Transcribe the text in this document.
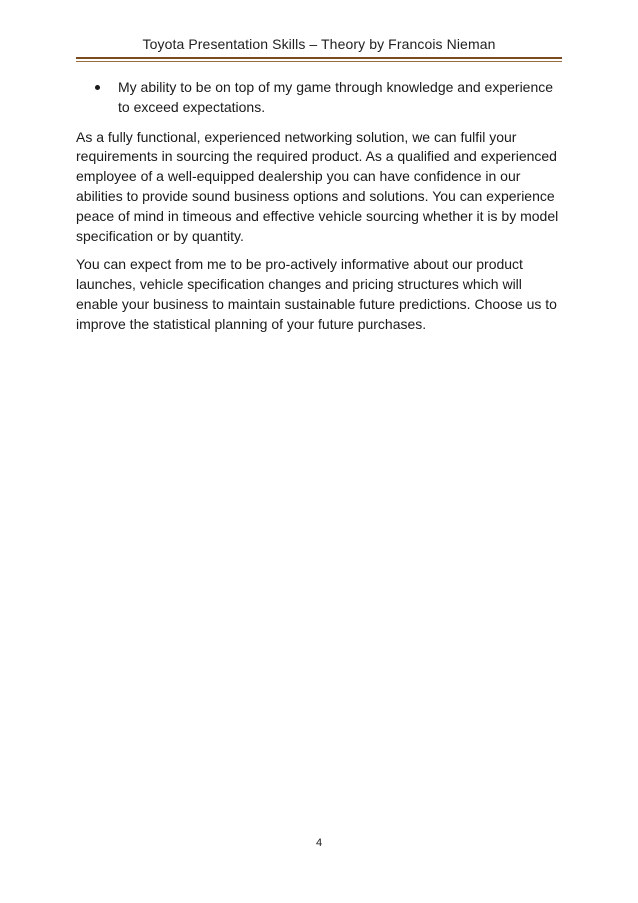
Toyota Presentation Skills – Theory by Francois Nieman
My ability to be on top of my game through knowledge and experience to exceed expectations.

As a fully functional, experienced networking solution, we can fulfil your requirements in sourcing the required product. As a qualified and experienced employee of a well-equipped dealership you can have confidence in our abilities to provide sound business options and solutions. You can experience peace of mind in timeous and effective vehicle sourcing whether it is by model specification or by quantity.

You can expect from me to be pro-actively informative about our product launches, vehicle specification changes and pricing structures which will enable your business to maintain sustainable future predictions. Choose us to improve the statistical planning of your future purchases.

4
